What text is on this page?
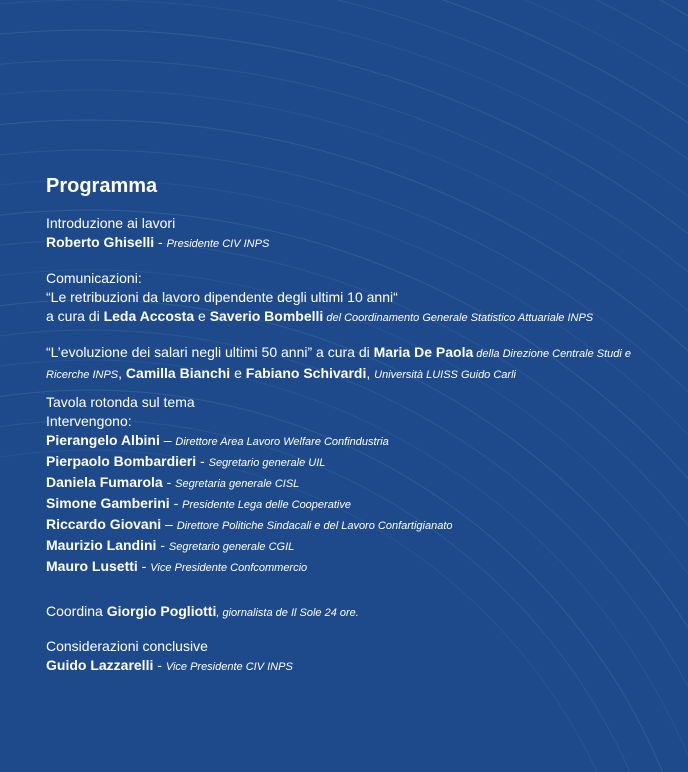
Programma
Introduzione ai lavori
Roberto Ghiselli - Presidente CIV INPS
Comunicazioni:
“Le retribuzioni da lavoro dipendente degli ultimi 10 anni“
a cura di Leda Accosta e Saverio Bombelli del Coordinamento Generale Statistico Attuariale INPS
“L’evoluzione dei salari negli ultimi 50 anni” a cura di Maria De Paola della Direzione Centrale Studi e Ricerche INPS, Camilla Bianchi e Fabiano Schivardi, Università LUISS Guido Carli
Tavola rotonda sul tema
Intervengono:
Pierangelo Albini – Direttore Area Lavoro Welfare Confindustria
Pierpaolo Bombardieri - Segretario generale UIL
Daniela Fumarola - Segretaria generale CISL
Simone Gamberini - Presidente Lega delle Cooperative
Riccardo Giovani – Direttore Politiche Sindacali e del Lavoro Confartigianato
Maurizio Landini - Segretario generale CGIL
Mauro Lusetti - Vice Presidente Confcommercio
Coordina Giorgio Pogliotti, giornalista de Il Sole 24 ore.
Considerazioni conclusive
Guido Lazzarelli - Vice Presidente CIV INPS
